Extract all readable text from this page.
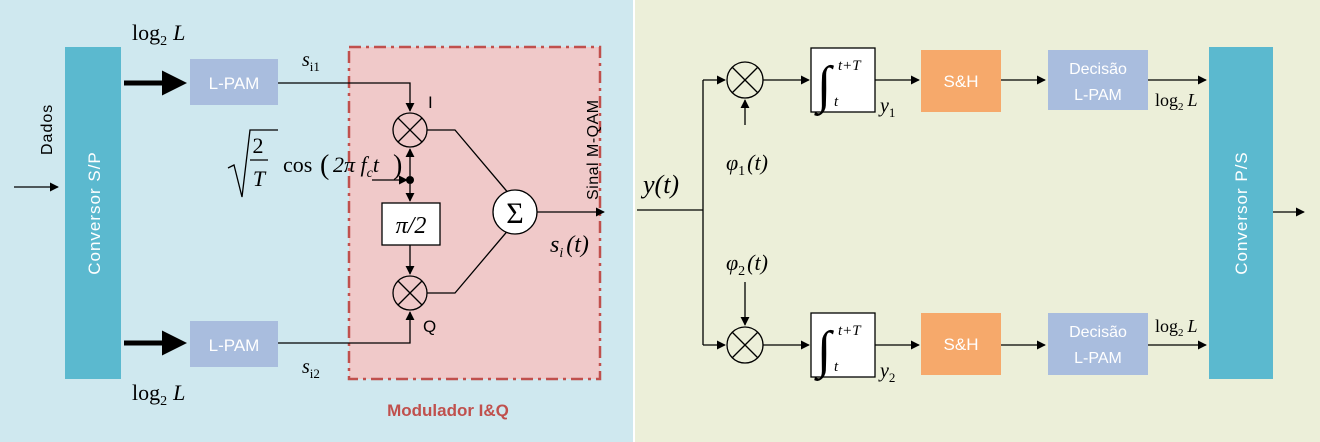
Modulador I&Q
Dados
Conversor S/P
$\log_2 L$
$\log_2 L$
L-PAM
L-PAM
$s_{i1}$
$s_{i2}$
I
Q
2
T
cos ( 2π $f_ct$ )
π/2	Σ
Sinal M-QAM
$s_i$ (t)
y(t)
$\varphi_1(t)$
$\varphi_2(t)$
∫ t+T
t
∫ t+T
t
$y_1$
$y_2$
S&H
S&H
Decisão
L-PAM
Decisão
L-PAM
$\log_2 L$
$\log_2 L$
Conversor P/S
